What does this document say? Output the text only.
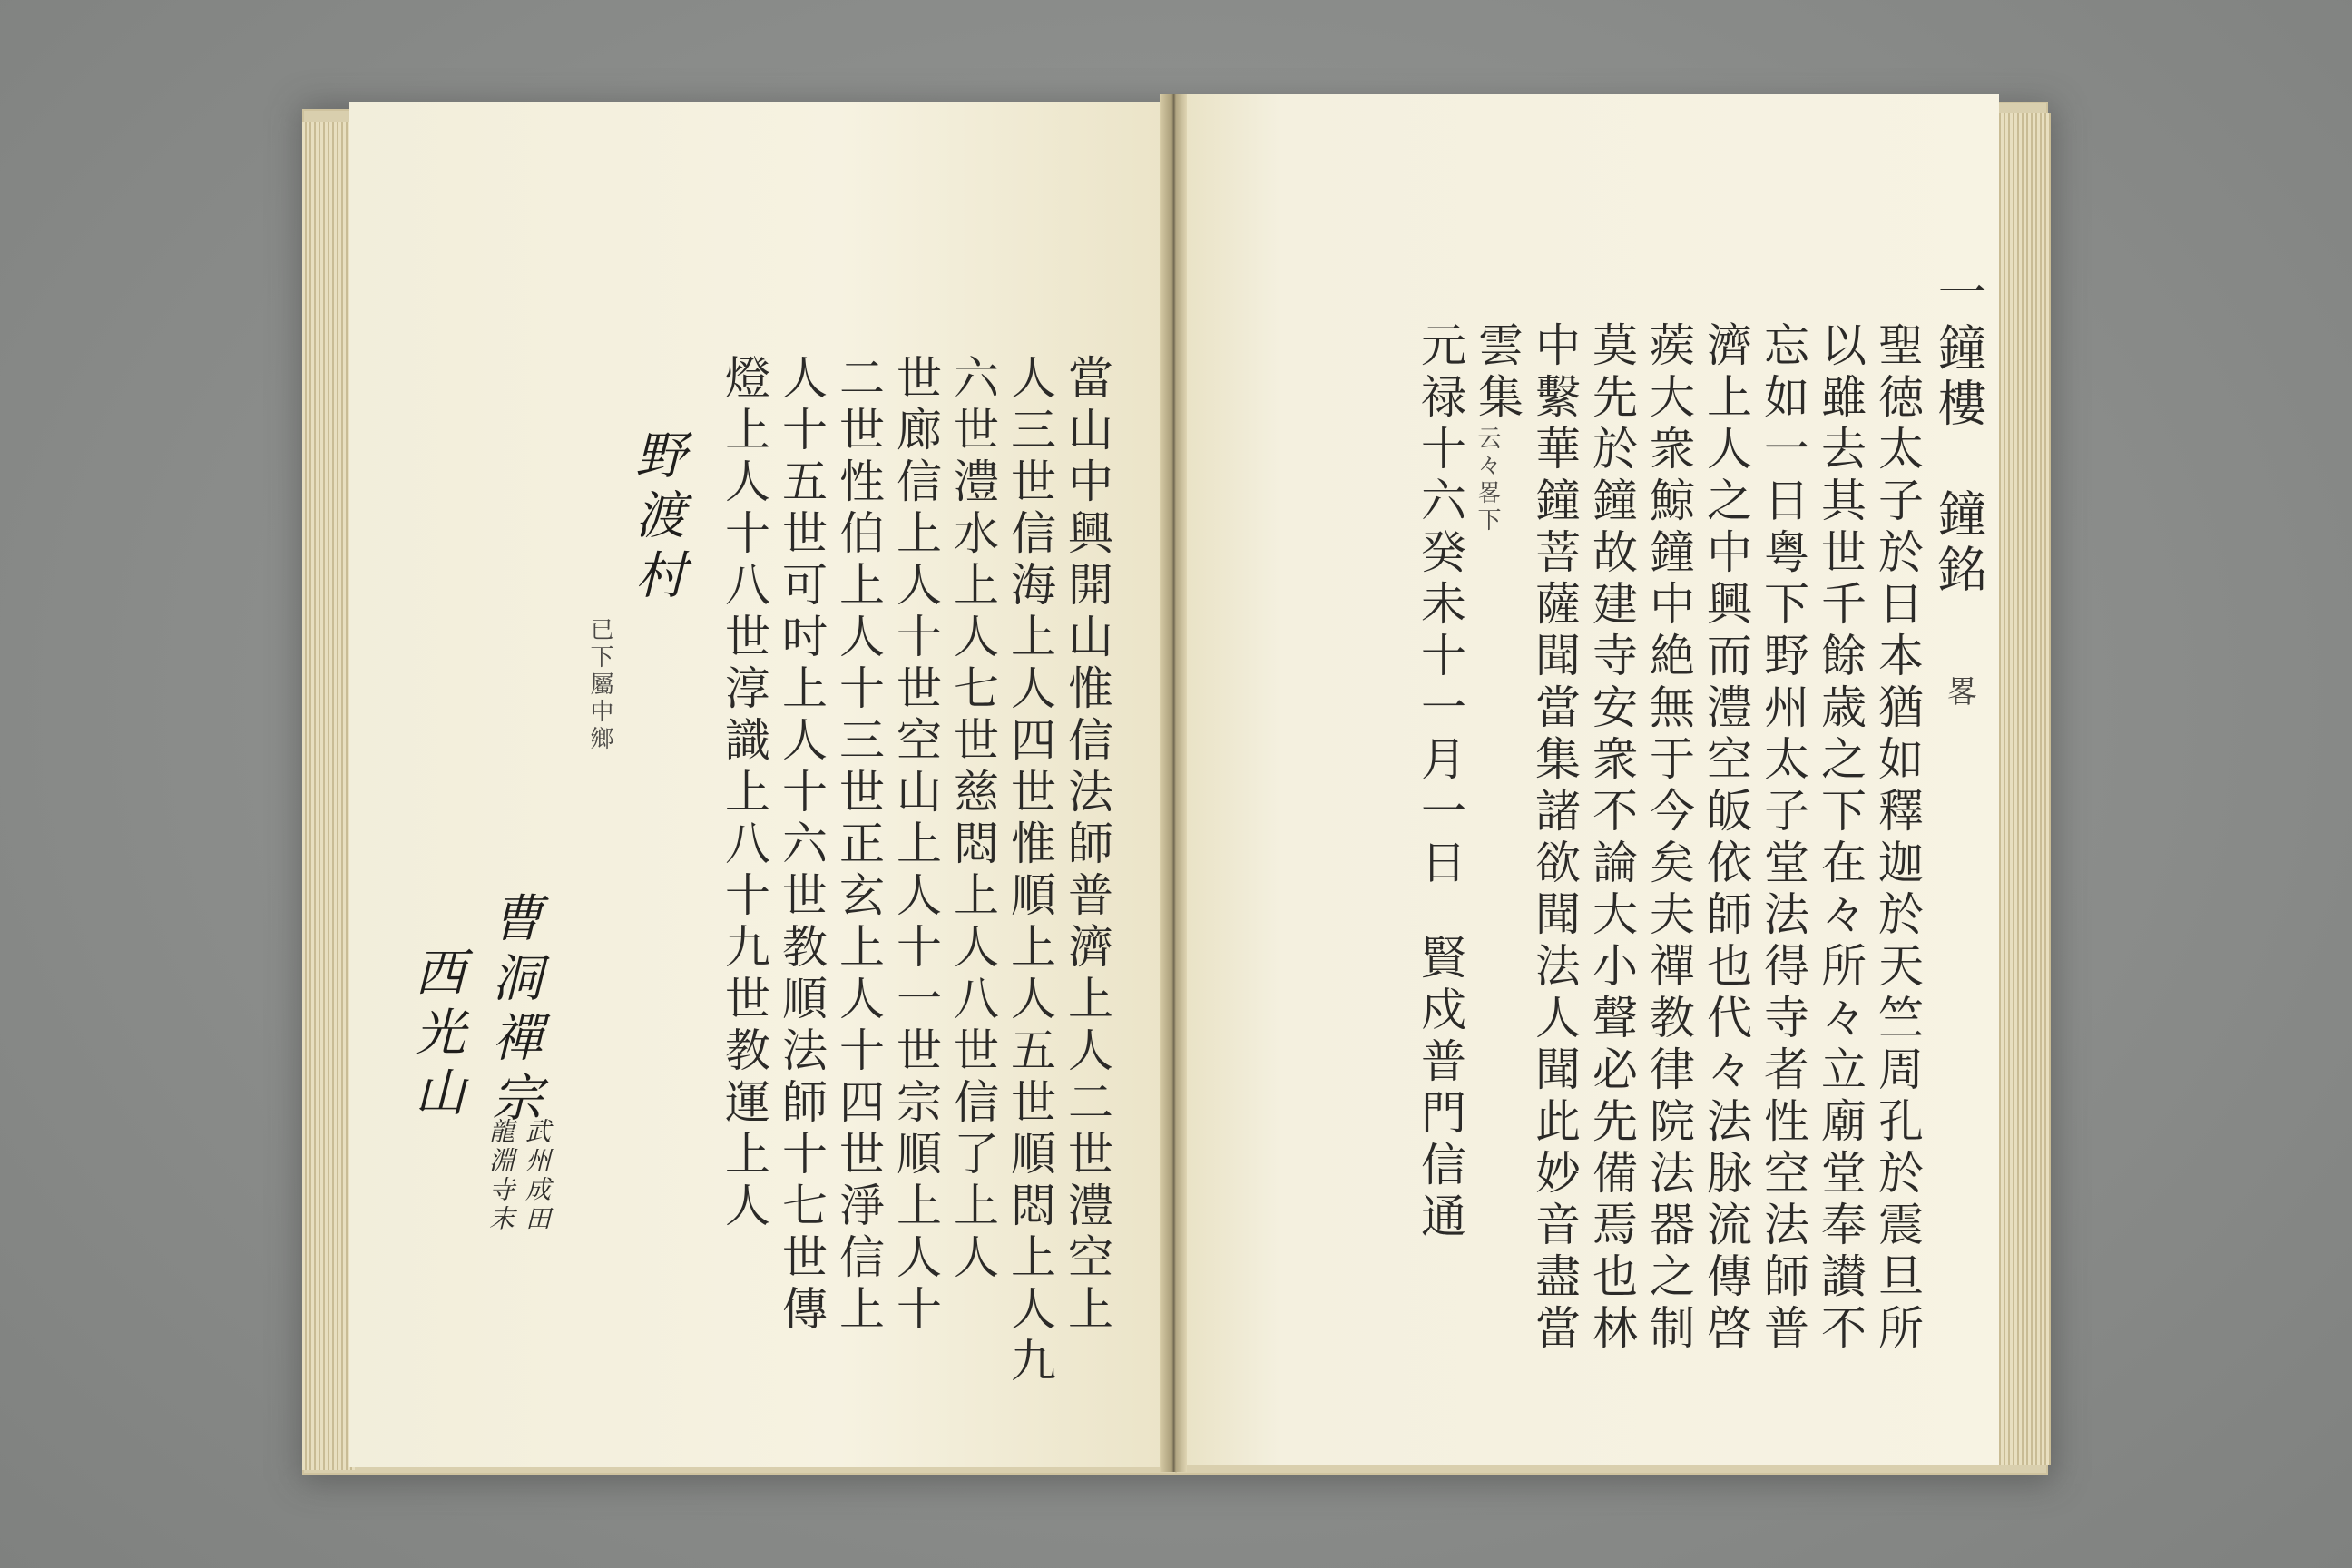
當山中興開山惟信法師普濟上人二世澧空上
人三世信海上人四世惟順上人五世順悶上人九
六世澧水上人七世慈悶上人八世信了上人
世廊信上人十世空山上人十一世宗順上人十
二世性伯上人十三世正玄上人十四世淨信上
人十五世可吋上人十六世教順法師十七世傳
燈上人十八世淳識上八十九世教運上人
野渡村
已下屬中鄉
曹洞禪宗
武州成田
龍淵寺末
西光山
一鐘樓　鐘銘
畧
聖徳太子於日本猶如釋迦於天竺周孔於震旦所
以雖去其世千餘歳之下在々所々立廟堂奉讃不
忘如一日粤下野州太子堂法得寺者性空法師普
濟上人之中興而澧空皈依師也代々法脉流傳啓
蒺大衆鯨鐘中絶無于今矣夫禪教律院法器之制
莫先於鐘故建寺安衆不論大小聲必先備焉也林
中繫華鐘菩薩聞當集諸欲聞法人聞此妙音盡當
雲集
云々畧下
元禄十六癸未十一月一日
賢戍普門信通
